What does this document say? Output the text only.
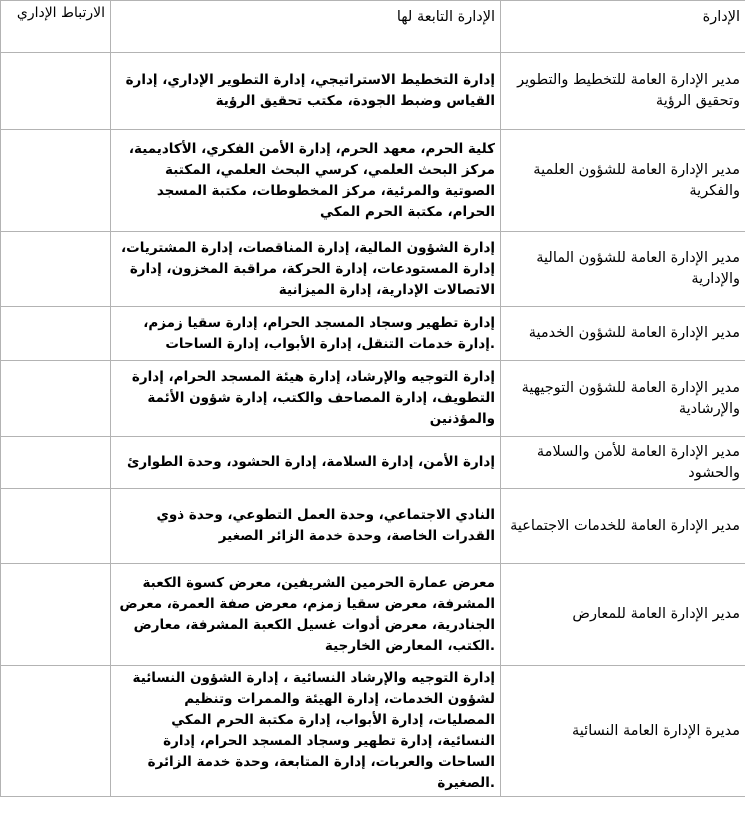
الارتباط الإداري	الإدارة التابعة لها	الإدارة
	إدارة التخطيط الاستراتيجي، إدارة التطوير الإداري، إدارة القياس وضبط الجودة، مكتب تحقيق الرؤية	مدير الإدارة العامة للتخطيط والتطوير وتحقيق الرؤية
	كلية الحرم، معهد الحرم، إدارة الأمن الفكري، الأكاديمية، مركز البحث العلمي، كرسي البحث العلمي، المكتبة الصوتية والمرئية، مركز المخطوطات، مكتبة المسجد الحرام، مكتبة الحرم المكي	مدير الإدارة العامة للشؤون العلمية والفكرية
	إدارة الشؤون المالية، إدارة المناقصات، إدارة المشتريات، إدارة المستودعات، إدارة الحركة، مراقبة المخزون، إدارة الاتصالات الإدارية، إدارة الميزانية	مدير الإدارة العامة للشؤون المالية والإدارية
	إدارة تطهير وسجاد المسجد الحرام، إدارة سقيا زمزم، إدارة خدمات التنقل، إدارة الأبواب، إدارة الساحات.	مدير الإدارة العامة للشؤون الخدمية
	إدارة التوجيه والإرشاد، إدارة هيئة المسجد الحرام، إدارة التطويف، إدارة المصاحف والكتب، إدارة شؤون الأئمة والمؤذنين	مدير الإدارة العامة للشؤون التوجيهية والإرشادية
	إدارة الأمن، إدارة السلامة، إدارة الحشود، وحدة الطوارئ	مدير الإدارة العامة للأمن والسلامة والحشود
	النادي الاجتماعي، وحدة العمل التطوعي، وحدة ذوي القدرات الخاصة، وحدة خدمة الزائر الصغير	مدير الإدارة العامة للخدمات الاجتماعية
	معرض عمارة الحرمين الشريفين، معرض كسوة الكعبة المشرفة، معرض سقيا زمزم، معرض صفة العمرة، معرض الجنادرية، معرض أدوات غسيل الكعبة المشرفة، معارض الكتب، المعارض الخارجية.	مدير الإدارة العامة للمعارض
	إدارة التوجيه والإرشاد النسائية ، إدارة الشؤون النسائية لشؤون الخدمات، إدارة الهيئة والممرات وتنظيم المصليات، إدارة الأبواب، إدارة مكتبة الحرم المكي النسائية، إدارة تطهير وسجاد المسجد الحرام، إدارة الساحات والعربات، إدارة المتابعة، وحدة خدمة الزائرة الصغيرة.	مديرة الإدارة العامة النسائية
